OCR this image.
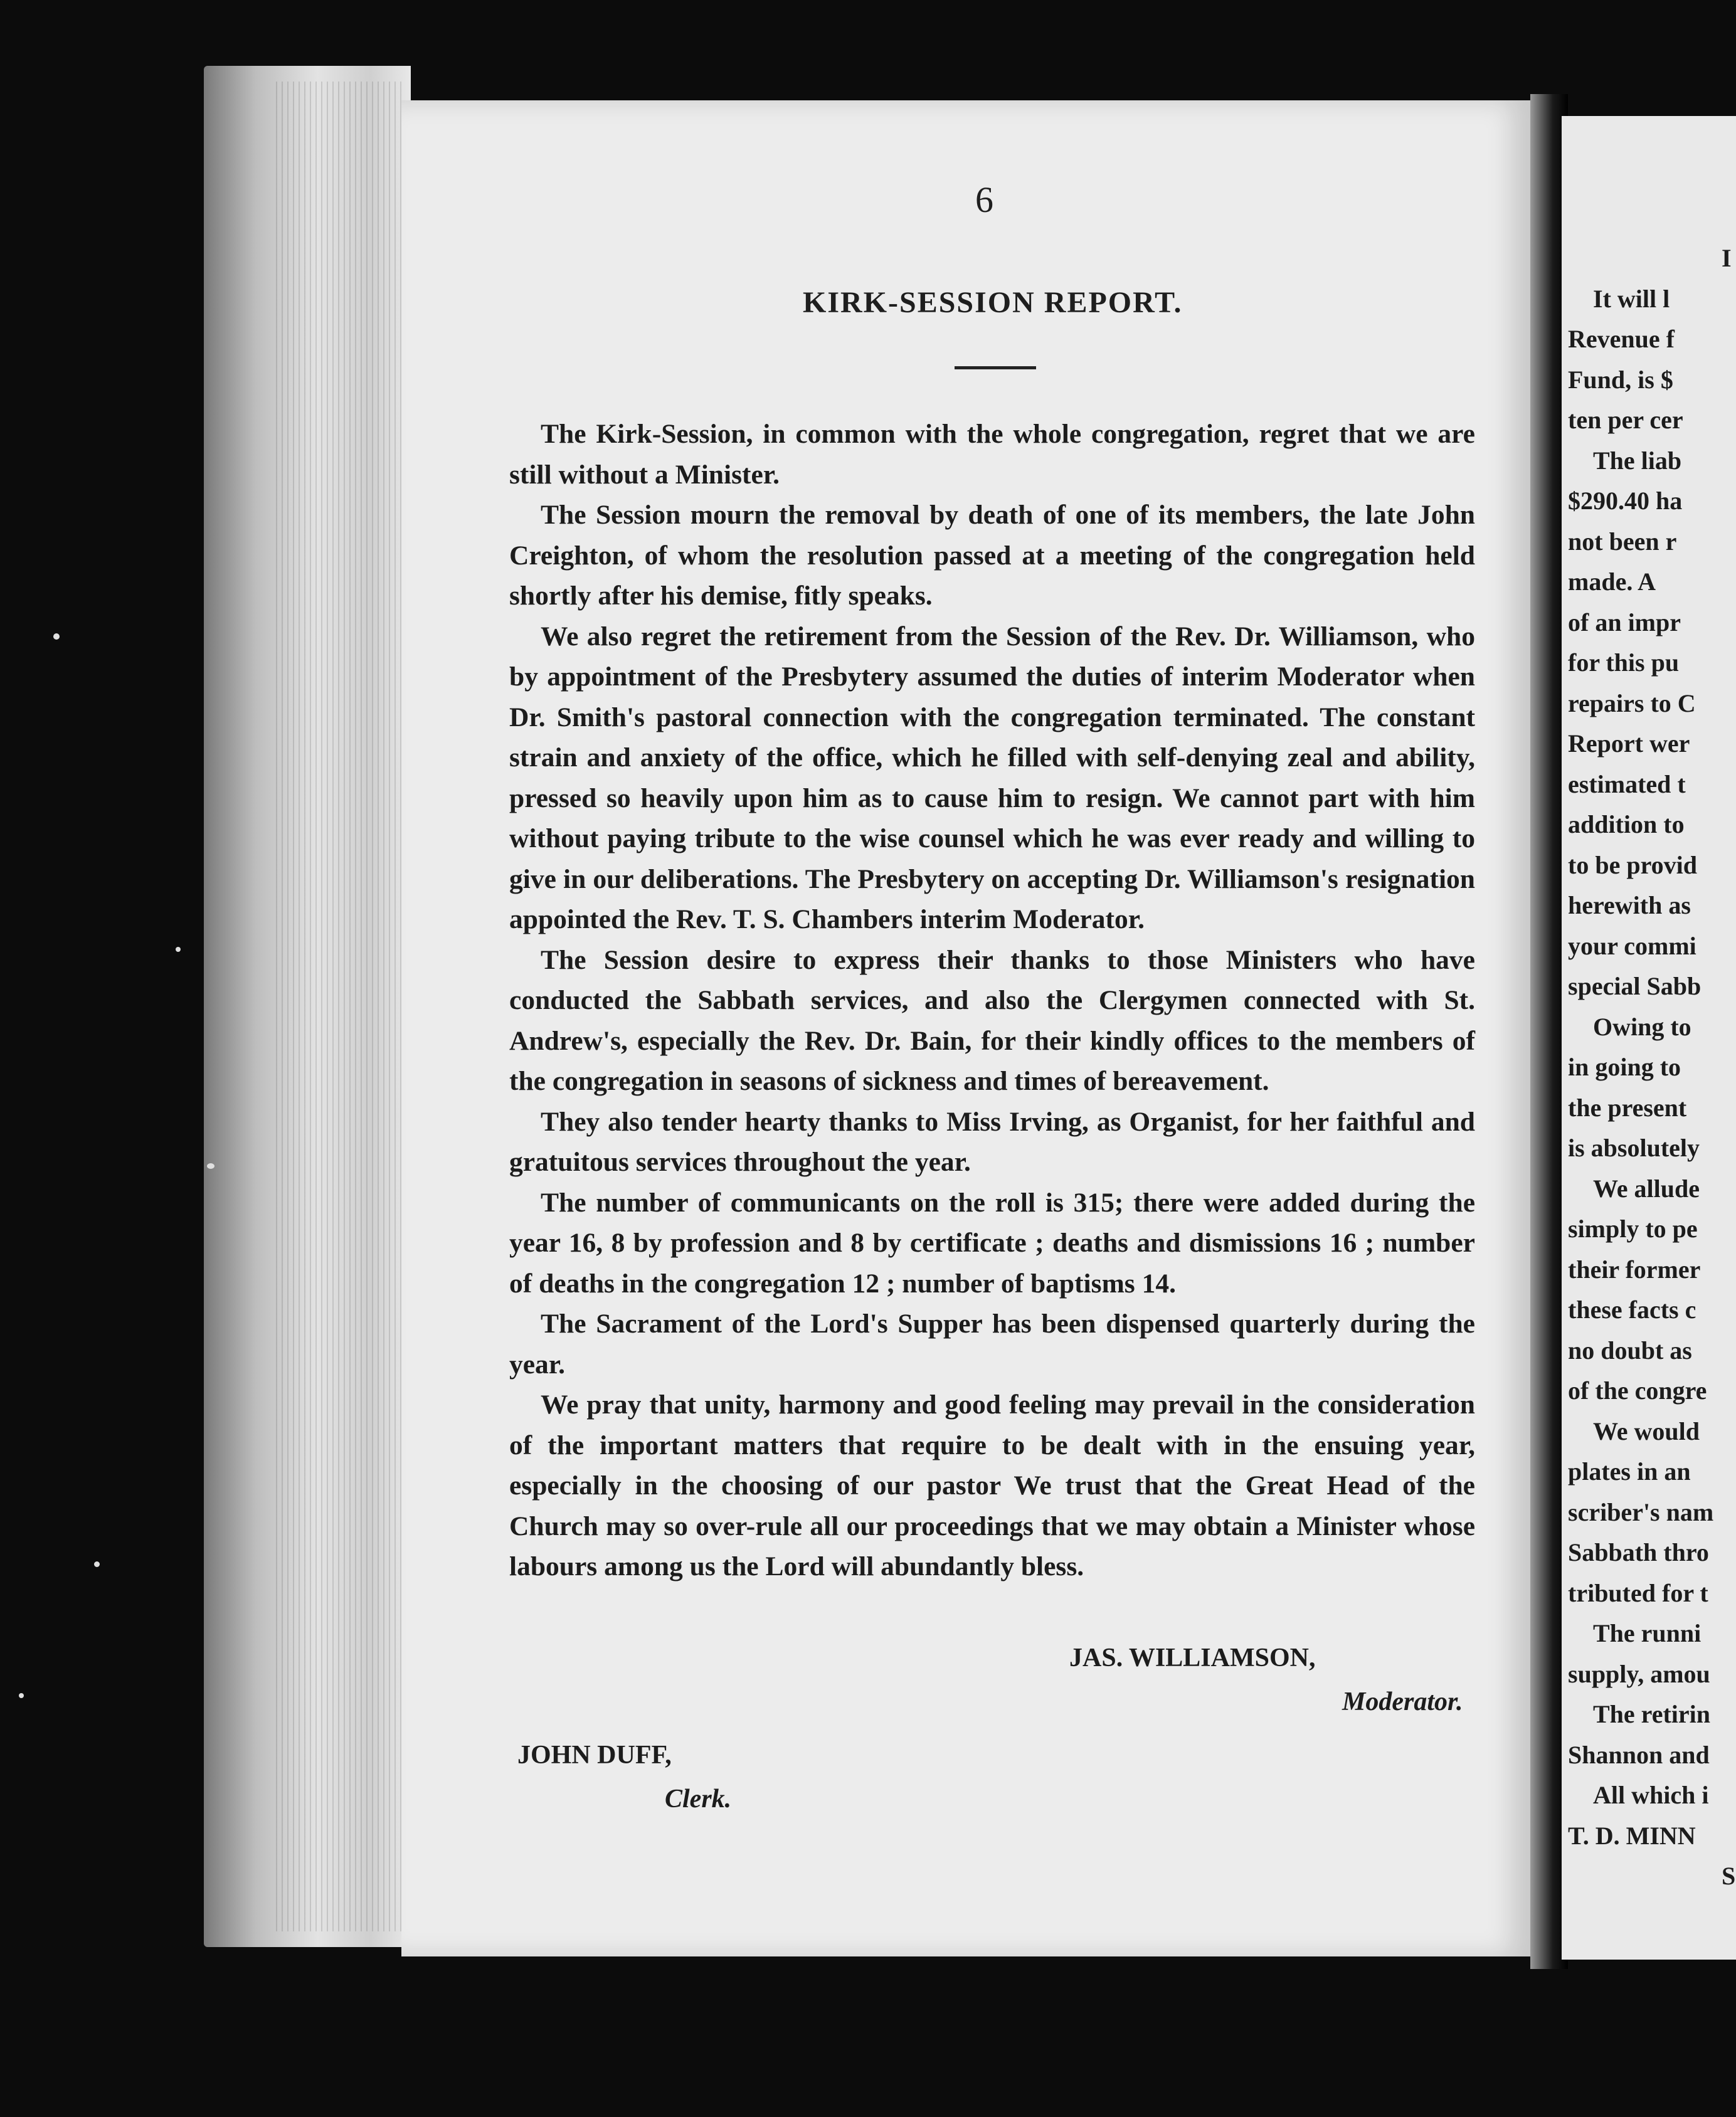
6
KIRK-SESSION REPORT.

The Kirk-Session, in common with the whole congregation, regret that we are still without a Minister.

The Session mourn the removal by death of one of its members, the late John Creighton, of whom the resolution passed at a meeting of the congregation held shortly after his demise, fitly speaks.

We also regret the retirement from the Session of the Rev. Dr. Williamson, who by appointment of the Presbytery assumed the duties of interim Moderator when Dr. Smith's pastoral connection with the congregation terminated. The constant strain and anxiety of the office, which he filled with self-denying zeal and ability, pressed so heavily upon him as to cause him to resign. We cannot part with him without paying tribute to the wise counsel which he was ever ready and willing to give in our deliberations. The Presbytery on accepting Dr. Williamson's resignation appointed the Rev. T. S. Chambers interim Moderator.

The Session desire to express their thanks to those Ministers who have conducted the Sabbath services, and also the Clergymen connected with St. Andrew's, especially the Rev. Dr. Bain, for their kindly offices to the members of the congregation in seasons of sickness and times of bereavement.

They also tender hearty thanks to Miss Irving, as Organist, for her faithful and gratuitous services throughout the year.

The number of communicants on the roll is 315; there were added during the year 16, 8 by profession and 8 by certificate ; deaths and dismissions 16 ; number of deaths in the congregation 12 ; number of baptisms 14.

The Sacrament of the Lord's Supper has been dispensed quarterly during the year.

We pray that unity, harmony and good feeling may prevail in the consideration of the important matters that require to be dealt with in the ensuing year, especially in the choosing of our pastor We trust that the Great Head of the Church may so over-rule all our proceedings that we may obtain a Minister whose labours among us the Lord will abundantly bless.

JAS. WILLIAMSON,
Moderator.
JOHN DUFF,
Clerk.
I
It will l
Revenue f
Fund, is $
ten per cer
The liab
$290.40 ha
not been r
made. A
of an impr
for this pu
repairs to C
Report wer
estimated t
addition to
to be provid
herewith as
your commi
special Sabb
Owing to
in going to
the present
is absolutely
We allude
simply to pe
their former
these facts c
no doubt as
of the congre
We would
plates in an
scriber's nam
Sabbath thro
tributed for t
The runni
supply, amou
The retirin
Shannon and
All which i
T. D. MINN
S
